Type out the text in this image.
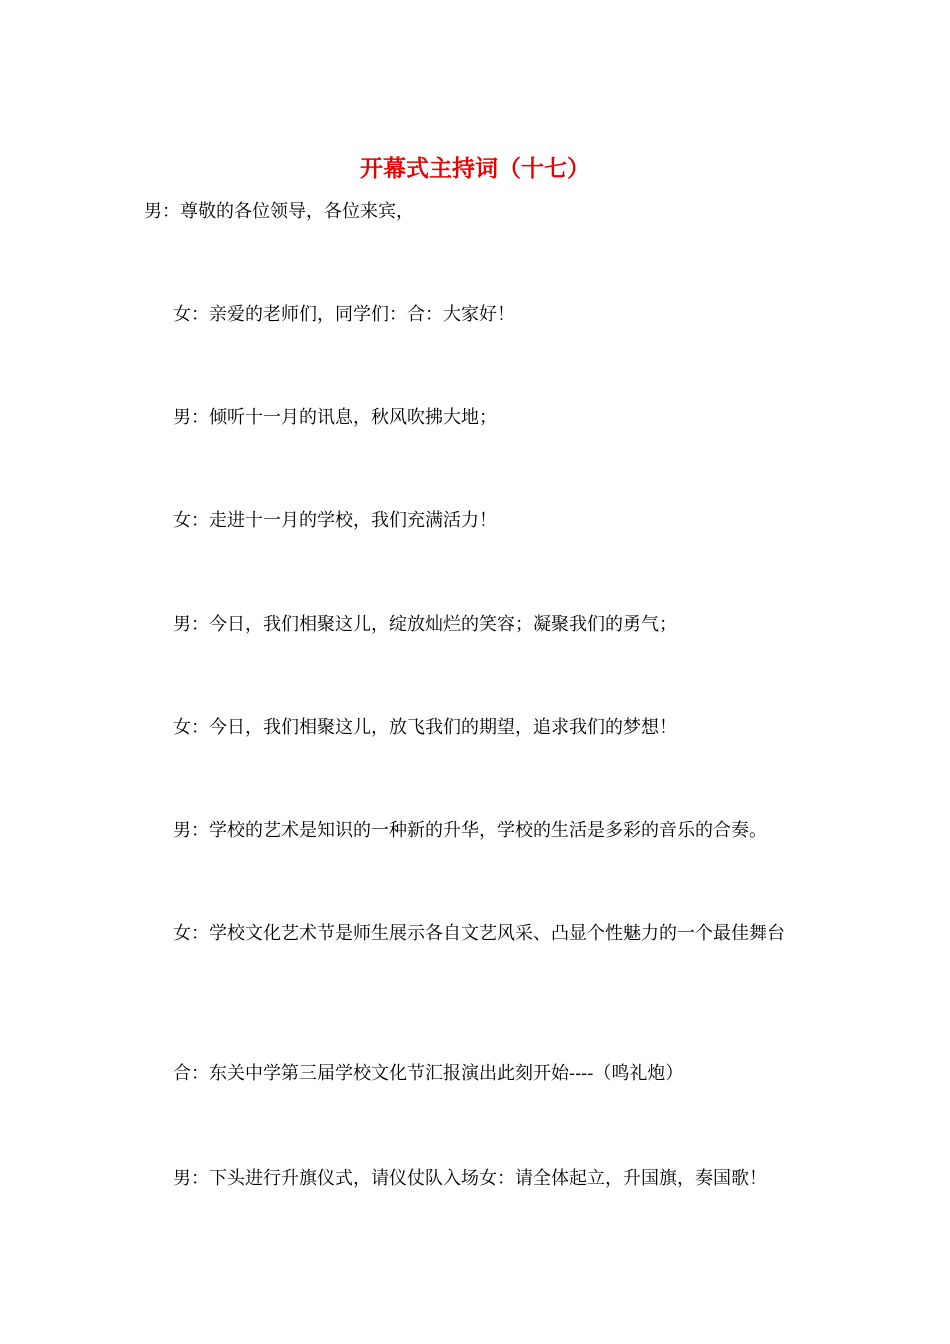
开幕式主持词（十七）

男：尊敬的各位领导，各位来宾，

女：亲爱的老师们，同学们：合：大家好！

男：倾听十一月的讯息，秋风吹拂大地；

女：走进十一月的学校，我们充满活力！

男：今日，我们相聚这儿，绽放灿烂的笑容；凝聚我们的勇气；

女：今日，我们相聚这儿，放飞我们的期望，追求我们的梦想！

男：学校的艺术是知识的一种新的升华，学校的生活是多彩的音乐的合奏。

女：学校文化艺术节是师生展示各自文艺风采、凸显个性魅力的一个最佳舞台

合：东关中学第三届学校文化节汇报演出此刻开始----（鸣礼炮）

男：下头进行升旗仪式，请仪仗队入场女：请全体起立，升国旗，奏国歌！
